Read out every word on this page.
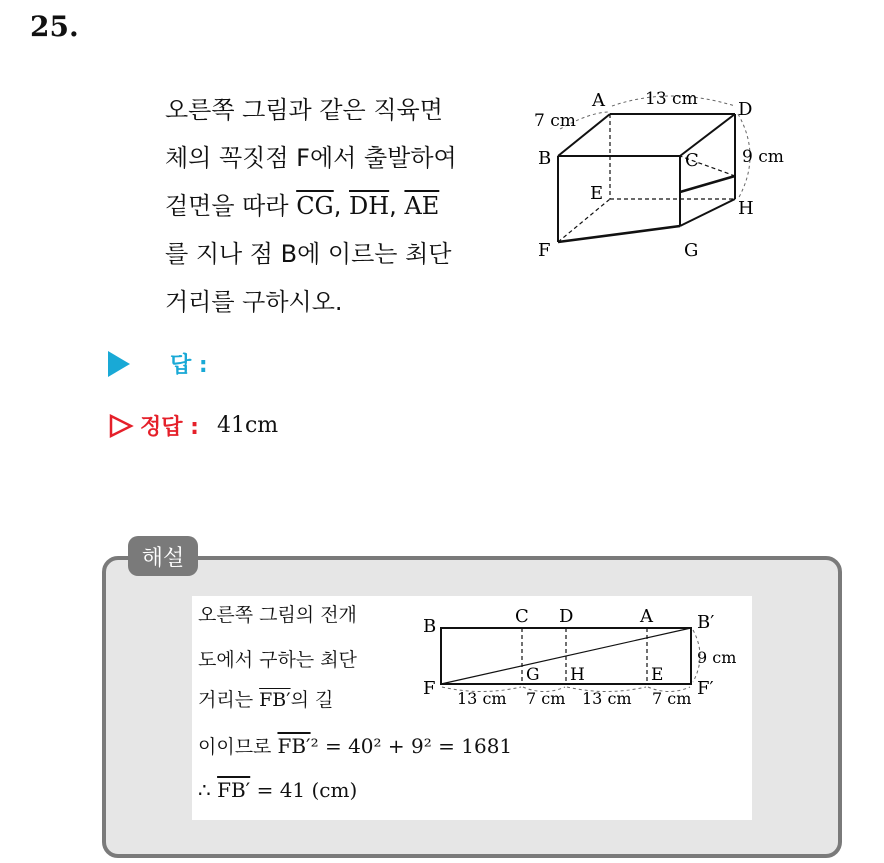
25.

오른쪽 그림과 같은 직육면

체의 꼭짓점 F에서 출발하여

겉면을 따라 $\overline{CG}$, $\overline{DH}$, $\overline{AE}$

를 지나 점 B에 이르는 최단

거리를 구하시오.

A
B	C
D
E
F	G
H
13 cm
7 cm
9 cm
답 :
정답 : 41cm
해설
오른쪽 그림의 전개
도에서 구하는 최단
거리는 FB′의 길
이이므로 FB′² = 40² + 9² = 1681
∴ FB′ = 41 (cm)
B	C D	A B′
F
G H	E
F′
9 cm
13 cm 7 cm 13 cm 7 cm
